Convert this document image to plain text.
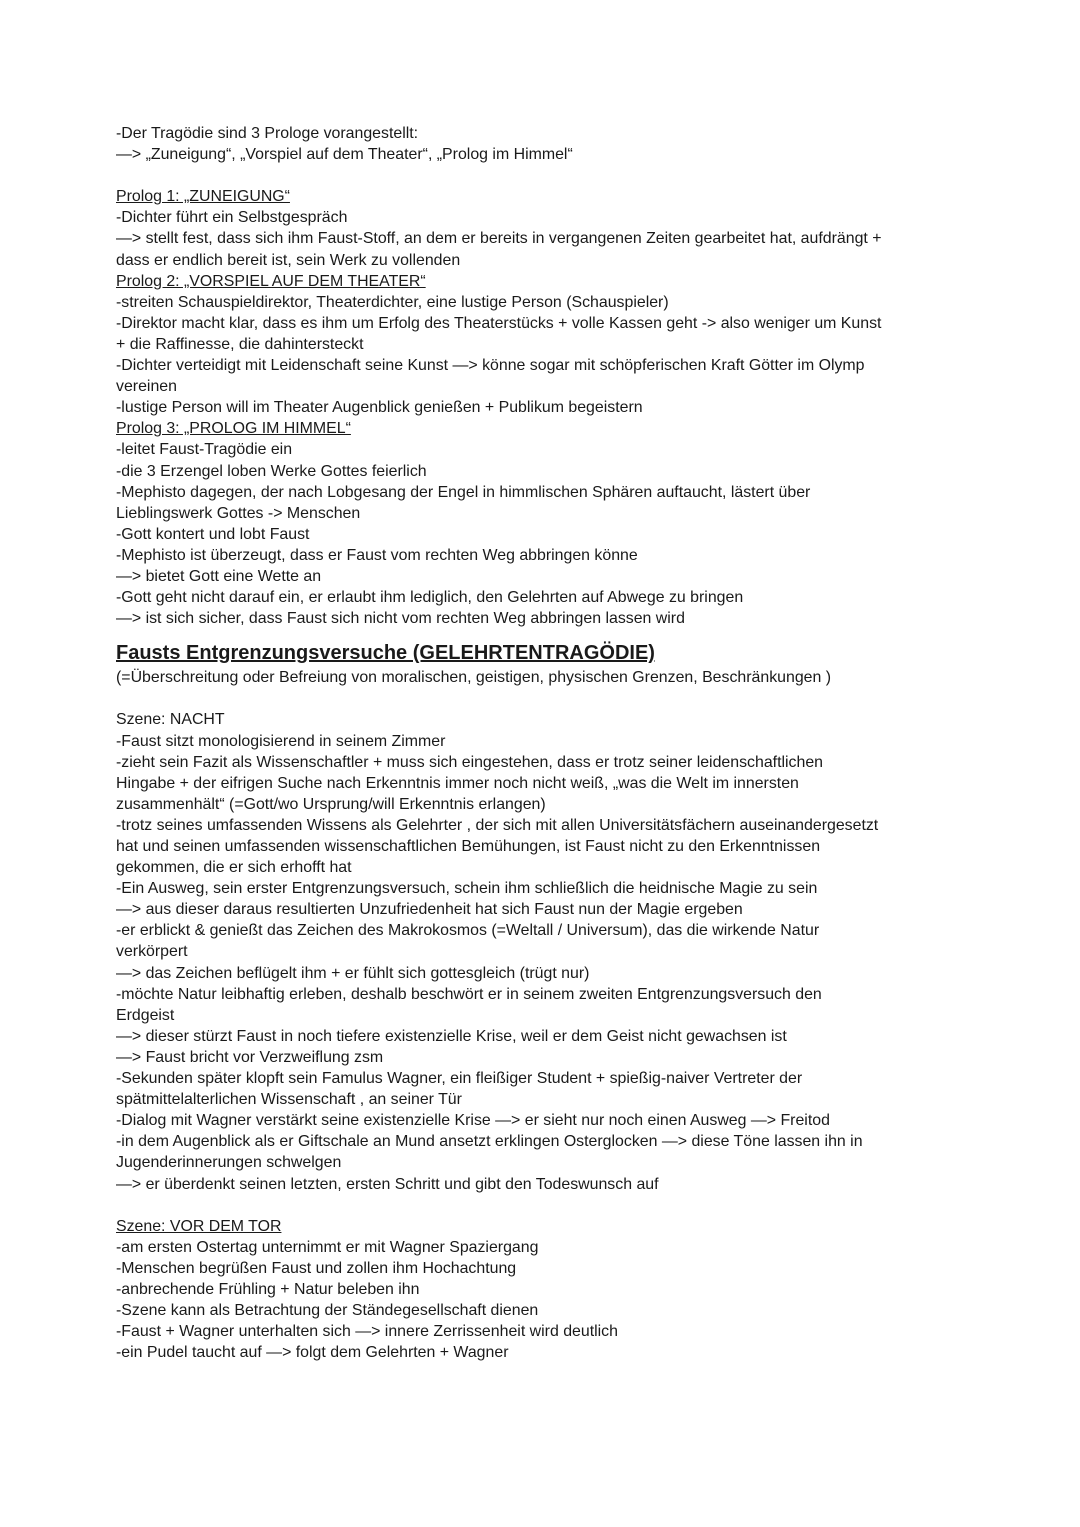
-Der Tragödie sind 3 Prologe vorangestellt:
—> „Zuneigung“, „Vorspiel auf dem Theater“, „Prolog im Himmel“
Prolog 1: „ZUNEIGUNG“
-Dichter führt ein Selbstgespräch
—> stellt fest, dass sich ihm Faust-Stoff, an dem er bereits in vergangenen Zeiten gearbeitet hat, aufdrängt +
dass er endlich bereit ist, sein Werk zu vollenden
Prolog 2: „VORSPIEL AUF DEM THEATER“
-streiten Schauspieldirektor, Theaterdichter, eine lustige Person (Schauspieler)
-Direktor macht klar, dass es ihm um Erfolg des Theaterstücks + volle Kassen geht -> also weniger um Kunst
+ die Raffinesse, die dahintersteckt
-Dichter verteidigt mit Leidenschaft seine Kunst —> könne sogar mit schöpferischen Kraft Götter im Olymp
vereinen
-lustige Person will im Theater Augenblick genießen + Publikum begeistern
Prolog 3: „PROLOG IM HIMMEL“
-leitet Faust-Tragödie ein
-die 3 Erzengel loben Werke Gottes feierlich
-Mephisto dagegen, der nach Lobgesang der Engel in himmlischen Sphären auftaucht, lästert über
Lieblingswerk Gottes -> Menschen
-Gott kontert und lobt Faust
-Mephisto ist überzeugt, dass er Faust vom rechten Weg abbringen könne
—> bietet Gott eine Wette an
-Gott geht nicht darauf ein, er erlaubt ihm lediglich, den Gelehrten auf Abwege zu bringen
—> ist sich sicher, dass Faust sich nicht vom rechten Weg abbringen lassen wird
Fausts Entgrenzungsversuche (GELEHRTENTRAGÖDIE)
(=Überschreitung oder Befreiung von moralischen, geistigen, physischen Grenzen, Beschränkungen )
Szene: NACHT
-Faust sitzt monologisierend in seinem Zimmer
-zieht sein Fazit als Wissenschaftler + muss sich eingestehen, dass er trotz seiner leidenschaftlichen
Hingabe + der eifrigen Suche nach Erkenntnis immer noch nicht weiß, „was die Welt im innersten
zusammenhält“ (=Gott/wo Ursprung/will Erkenntnis erlangen)
-trotz seines umfassenden Wissens als Gelehrter , der sich mit allen Universitätsfächern auseinandergesetzt
hat und seinen umfassenden wissenschaftlichen Bemühungen, ist Faust nicht zu den Erkenntnissen
gekommen, die er sich erhofft hat
-Ein Ausweg, sein erster Entgrenzungsversuch, schein ihm schließlich die heidnische Magie zu sein
—> aus dieser daraus resultierten Unzufriedenheit hat sich Faust nun der Magie ergeben
-er erblickt & genießt das Zeichen des Makrokosmos (=Weltall / Universum), das die wirkende Natur
verkörpert
—> das Zeichen beflügelt ihm + er fühlt sich gottesgleich (trügt nur)
-möchte Natur leibhaftig erleben, deshalb beschwört er in seinem zweiten Entgrenzungsversuch den
Erdgeist
—> dieser stürzt Faust in noch tiefere existenzielle Krise, weil er dem Geist nicht gewachsen ist
—> Faust bricht vor Verzweiflung zsm
-Sekunden später klopft sein Famulus Wagner, ein fleißiger Student + spießig-naiver Vertreter der
spätmittelalterlichen Wissenschaft , an seiner Tür
-Dialog mit Wagner verstärkt seine existenzielle Krise —> er sieht nur noch einen Ausweg —> Freitod
-in dem Augenblick als er Giftschale an Mund ansetzt erklingen Osterglocken —> diese Töne lassen ihn in
Jugenderinnerungen schwelgen
—> er überdenkt seinen letzten, ersten Schritt und gibt den Todeswunsch auf
Szene: VOR DEM TOR
-am ersten Ostertag unternimmt er mit Wagner Spaziergang
-Menschen begrüßen Faust und zollen ihm Hochachtung
-anbrechende Frühling + Natur beleben ihn
-Szene kann als Betrachtung der Ständegesellschaft dienen
-Faust + Wagner unterhalten sich —> innere Zerrissenheit wird deutlich
-ein Pudel taucht auf —> folgt dem Gelehrten + Wagner
